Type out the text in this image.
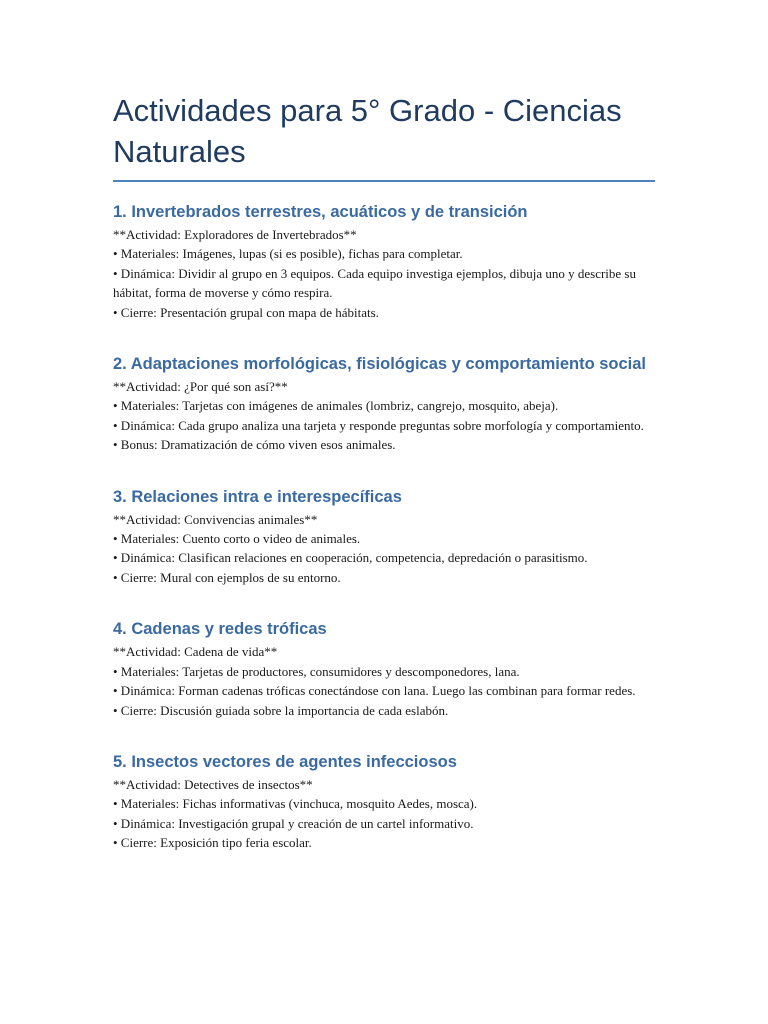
Actividades para 5° Grado - Ciencias Naturales
1. Invertebrados terrestres, acuáticos y de transición

**Actividad: Exploradores de Invertebrados**
• Materiales: Imágenes, lupas (si es posible), fichas para completar.
• Dinámica: Dividir al grupo en 3 equipos. Cada equipo investiga ejemplos, dibuja uno y describe su hábitat, forma de moverse y cómo respira.
• Cierre: Presentación grupal con mapa de hábitats.

2. Adaptaciones morfológicas, fisiológicas y comportamiento social

**Actividad: ¿Por qué son así?**
• Materiales: Tarjetas con imágenes de animales (lombriz, cangrejo, mosquito, abeja).
• Dinámica: Cada grupo analiza una tarjeta y responde preguntas sobre morfología y comportamiento.
• Bonus: Dramatización de cómo viven esos animales.

3. Relaciones intra e interespecíficas

**Actividad: Convivencias animales**
• Materiales: Cuento corto o video de animales.
• Dinámica: Clasifican relaciones en cooperación, competencia, depredación o parasitismo.
• Cierre: Mural con ejemplos de su entorno.

4. Cadenas y redes tróficas

**Actividad: Cadena de vida**
• Materiales: Tarjetas de productores, consumidores y descomponedores, lana.
• Dinámica: Forman cadenas tróficas conectándose con lana. Luego las combinan para formar redes.
• Cierre: Discusión guiada sobre la importancia de cada eslabón.

5. Insectos vectores de agentes infecciosos

**Actividad: Detectives de insectos**
• Materiales: Fichas informativas (vinchuca, mosquito Aedes, mosca).
• Dinámica: Investigación grupal y creación de un cartel informativo.
• Cierre: Exposición tipo feria escolar.
